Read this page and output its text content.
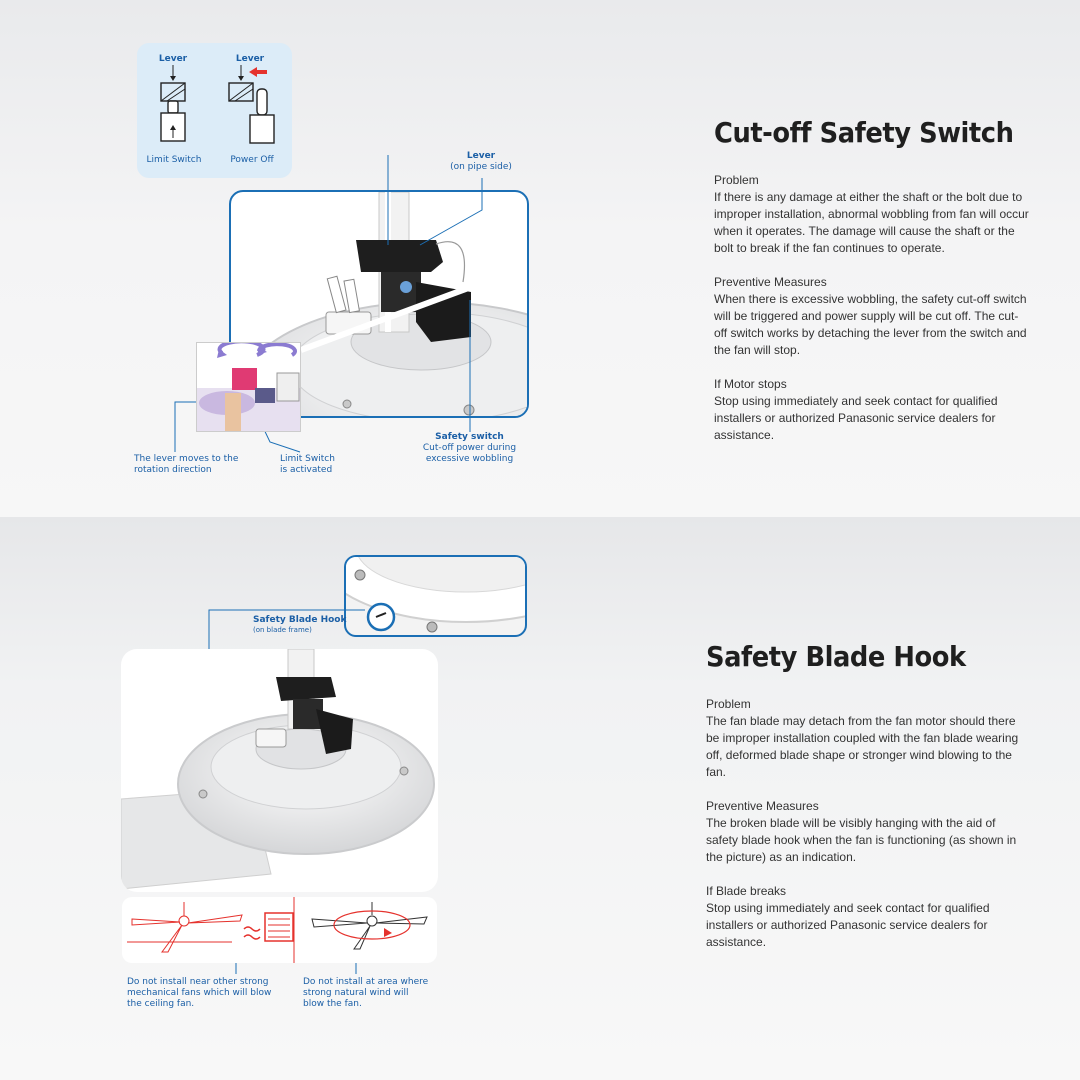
Lever
Limit Switch
Lever
Power Off	Lever
(on pipe side)
Safety switch
Cut-off power during
excessive wobbling
The lever moves to the
rotation direction
Limit Switch
is activated
Cut-off Safety Switch
Problem
If there is any damage at either the shaft or the bolt due to improper installation, abnormal wobbling from fan will occur when it operates. The damage will cause the shaft or the bolt to break if the fan continues to operate.
Preventive Measures
When there is excessive wobbling, the safety cut-off switch will be triggered and power supply will be cut off. The cut-off switch works by detaching the lever from the switch and the fan will stop.
If Motor stops
Stop using immediately and seek contact for qualified installers or authorized Panasonic service dealers for assistance.
Safety Blade Hook
(on blade frame)
Do not install near other strong
mechanical fans which will blow
the ceiling fan.
Do not install at area where
strong natural wind will
blow the fan.
Safety Blade Hook
Problem
The fan blade may detach from the fan motor should there be improper installation coupled with the fan blade wearing off, deformed blade shape or stronger wind blowing to the fan.
Preventive Measures
The broken blade will be visibly hanging with the aid of safety blade hook when the fan is functioning (as shown in the picture) as an indication.
If Blade breaks
Stop using immediately and seek contact for qualified installers or authorized Panasonic service dealers for assistance.
